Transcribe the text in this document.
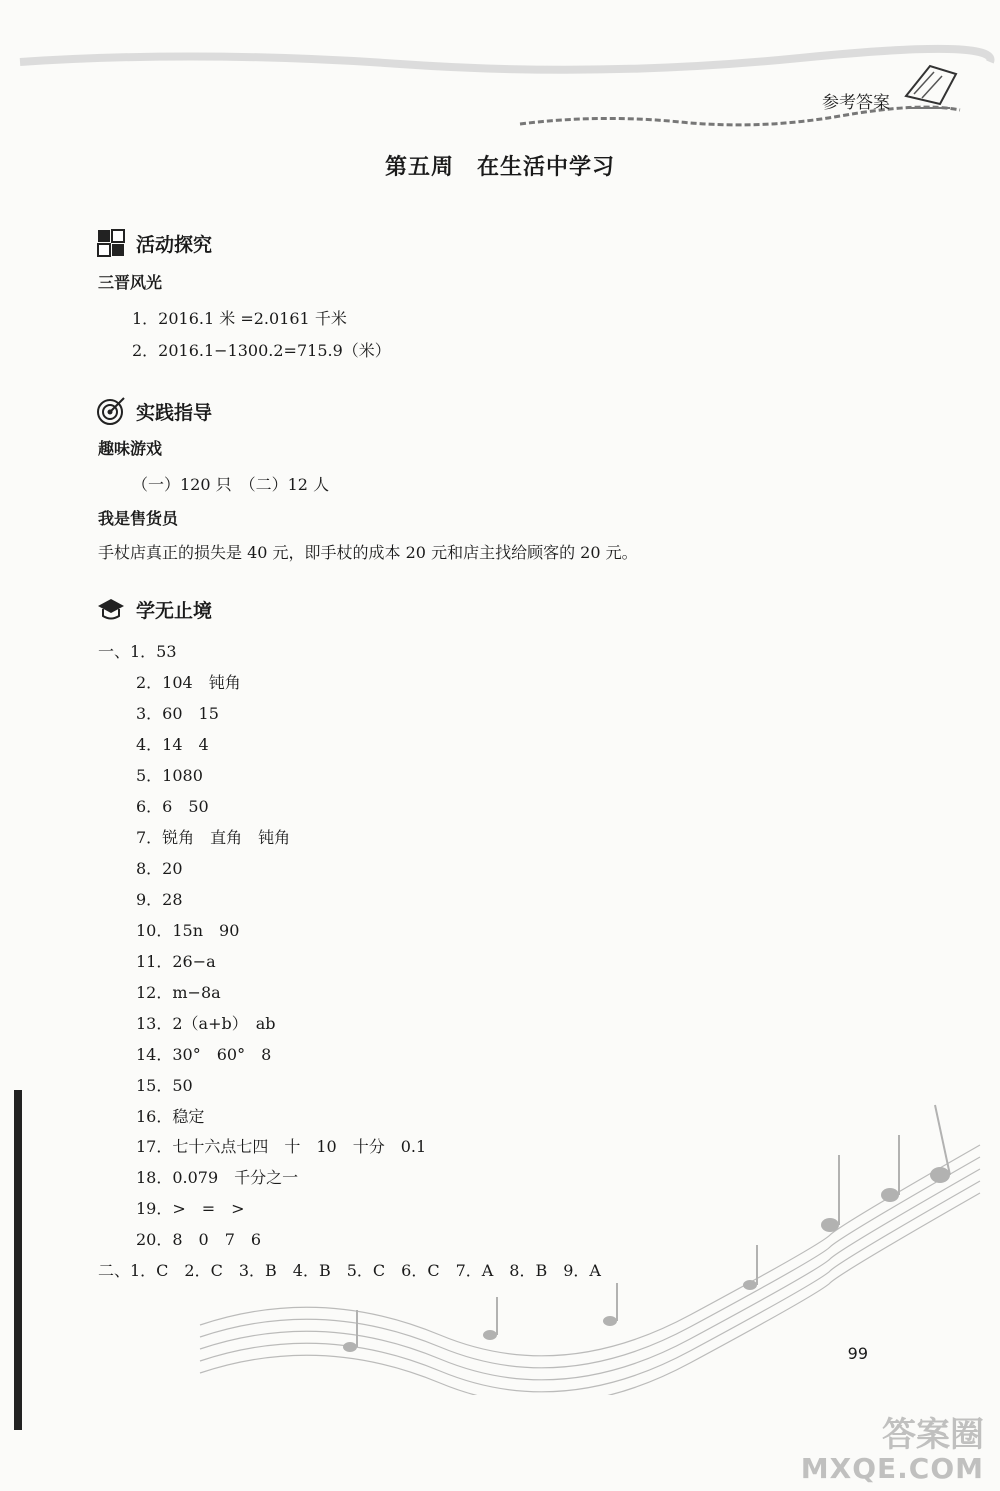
参考答案
第五周　在生活中学习
活动探究
三晋风光
1．2016.1 米 =2.0161 千米
2．2016.1−1300.2=715.9（米）
实践指导
趣味游戏
（一）120 只　（二）12 人
我是售货员
手杖店真正的损失是 40 元，即手杖的成本 20 元和店主找给顾客的 20 元。
学无止境
一、1．53
2．104　钝角
3．60　15
4．14　4
5．1080
6．6　50
7．锐角　直角　钝角
8．20
9．28
10．15n　90
11．26−a
12．m−8a
13．2（a+b）　ab
14．30°　60°　8
15．50
16．稳定
17．七十六点七四　十　10　十分　0.1
18．0.079　千分之一
19．>　=　>
20．8　0　7　6
二、1．C　2．C　3．B　4．B　5．C　6．C　7．A　8．B　9．A
99
答案圈
MXQE.COM
